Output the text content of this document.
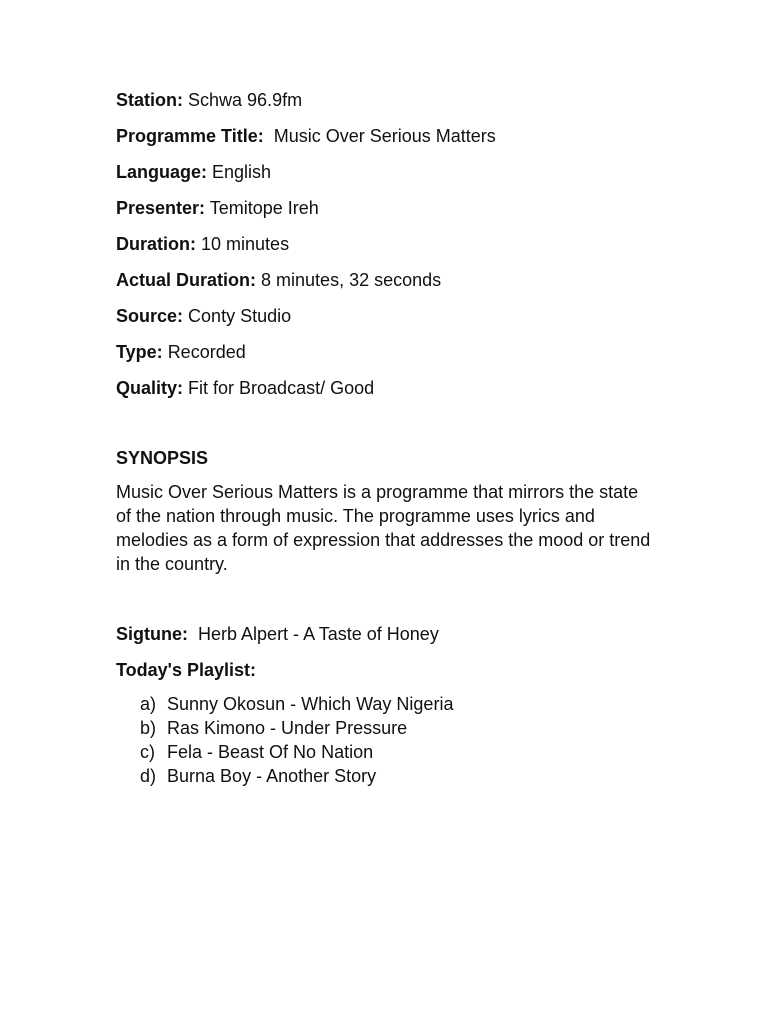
Station: Schwa 96.9fm
Programme Title: Music Over Serious Matters
Language: English
Presenter: Temitope Ireh
Duration: 10 minutes
Actual Duration: 8 minutes, 32 seconds
Source: Conty Studio
Type: Recorded
Quality: Fit for Broadcast/ Good
SYNOPSIS

Music Over Serious Matters is a programme that mirrors the state of the nation through music. The programme uses lyrics and melodies as a form of expression that addresses the mood or trend in the country.

Sigtune: Herb Alpert - A Taste of Honey
Today's Playlist:
a) Sunny Okosun - Which Way Nigeria
b) Ras Kimono - Under Pressure
c) Fela - Beast Of No Nation
d) Burna Boy - Another Story
